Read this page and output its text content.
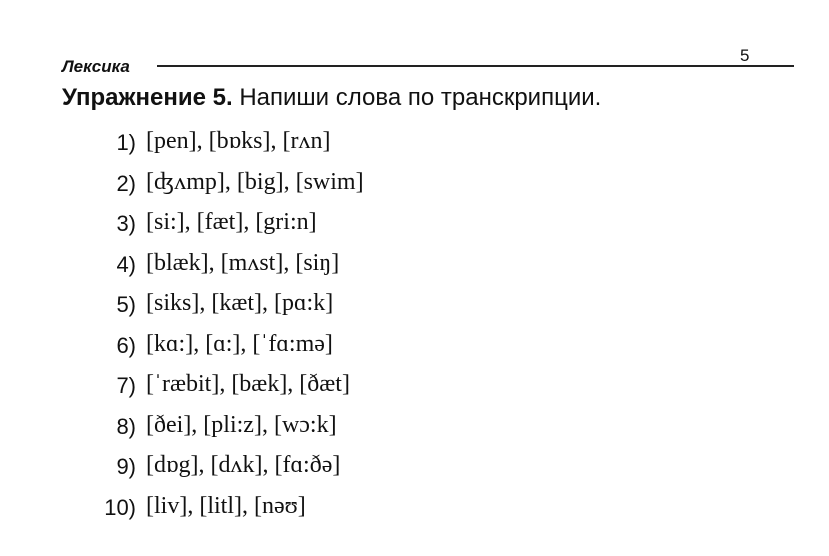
Лексика
5
Упражнение 5. Напиши слова по транскрипции.
1) [pen], [bɒks], [rʌn]
2) [ʤʌmp], [big], [swim]
3) [si:], [fæt], [gri:n]
4) [blæk], [mʌst], [siŋ]
5) [siks], [kæt], [pɑ:k]
6) [kɑ:], [ɑ:], [ˈfɑ:mə]
7) [ˈræbit], [bæk], [ðæt]
8) [ðei], [pli:z], [wɔ:k]
9) [dɒg], [dʌk], [fɑ:ðə]
10) [liv], [litl], [nəʊ]
